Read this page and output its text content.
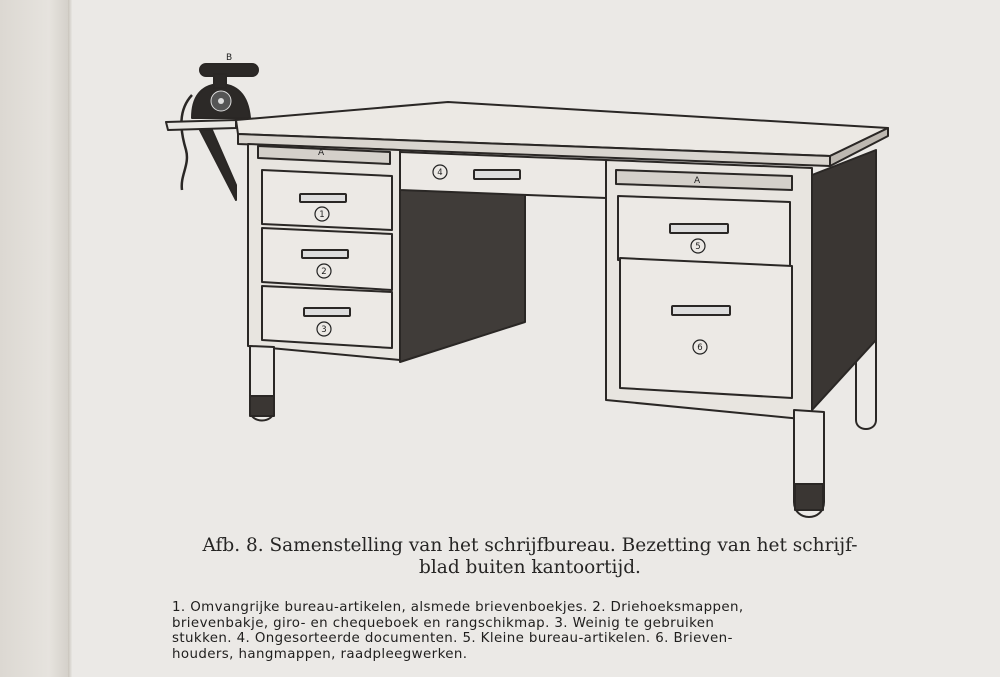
B
A
A
1
2
3
4
5
6

Afb. 8. Samenstelling van het schrijfbureau. Bezetting van het schrijf-
blad buiten kantoortijd.

1. Omvangrijke bureau-artikelen, alsmede brievenboekjes. 2. Driehoeksmappen,
brievenbakje, giro- en chequeboek en rangschikmap. 3. Weinig te gebruiken
stukken. 4. Ongesorteerde documenten. 5. Kleine bureau-artikelen. 6. Brieven-
houders, hangmappen, raadpleegwerken.
